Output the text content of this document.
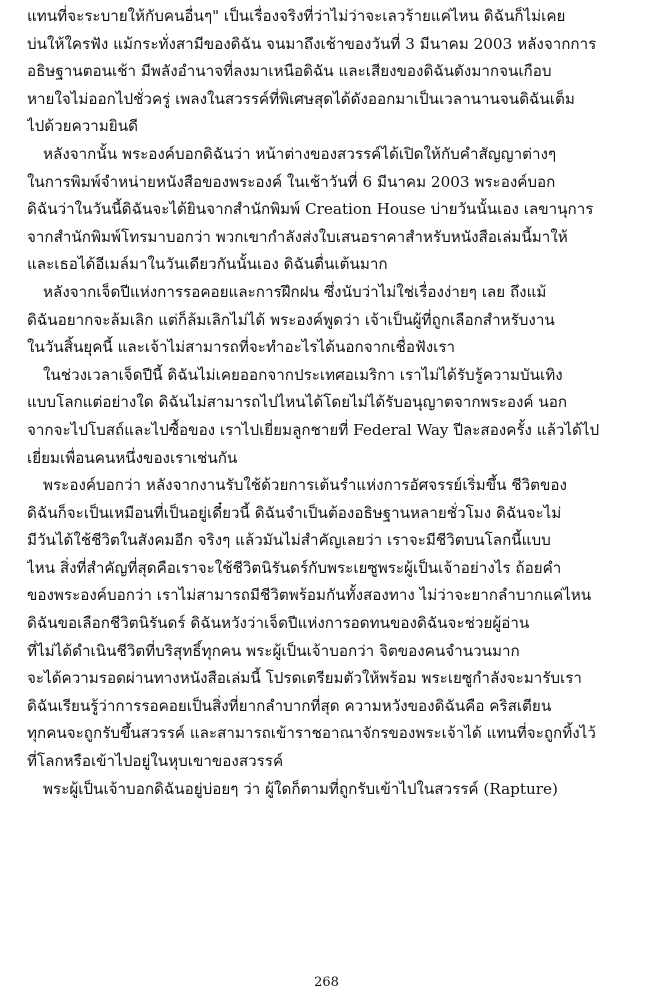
แทนที่จะระบายให้กับคนอื่นๆ" เป็นเรื่องจริงที่ว่าไม่ว่าจะเลวร้ายแค่ไหน ดิฉันก็ไม่เคย
บ่นให้ใครฟัง แม้กระทั่งสามีของดิฉัน จนมาถึงเช้าของวันที่ 3 มีนาคม 2003 หลังจากการ
อธิษฐานตอนเช้า มีพลังอำนาจที่ลงมาเหนือดิฉัน และเสียงของดิฉันดังมากจนเกือบ
หายใจไม่ออกไปชั่วครู่ เพลงในสวรรค์ที่พิเศษสุดได้ดังออกมาเป็นเวลานานจนดิฉันเต็ม
ไปด้วยความยินดี
หลังจากนั้น พระองค์บอกดิฉันว่า หน้าต่างของสวรรค์ได้เปิดให้กับคำสัญญาต่างๆ
ในการพิมพ์จำหน่ายหนังสือของพระองค์ ในเช้าวันที่ 6 มีนาคม 2003 พระองค์บอก
ดิฉันว่าในวันนี้ดิฉันจะได้ยินจากสำนักพิมพ์ Creation House บ่ายวันนั้นเอง เลขานุการ
จากสำนักพิมพ์โทรมาบอกว่า พวกเขากำลังส่งใบเสนอราคาสำหรับหนังสือเล่มนี้มาให้
และเธอได้อีเมล์มาในวันเดียวกันนั้นเอง ดิฉันตื่นเต้นมาก
หลังจากเจ็ดปีแห่งการรอคอยและการฝึกฝน ซึ่งนับว่าไม่ใช่เรื่องง่ายๆ เลย ถึงแม้
ดิฉันอยากจะล้มเลิก แต่ก็ล้มเลิกไม่ได้ พระองค์พูดว่า เจ้าเป็นผู้ที่ถูกเลือกสำหรับงาน
ในวันสิ้นยุคนี้ และเจ้าไม่สามารถที่จะทำอะไรได้นอกจากเชื่อฟังเรา
ในช่วงเวลาเจ็ดปีนี้ ดิฉันไม่เคยออกจากประเทศอเมริกา เราไม่ได้รับรู้ความบันเทิง
แบบโลกแต่อย่างใด ดิฉันไม่สามารถไปไหนได้โดยไม่ได้รับอนุญาตจากพระองค์ นอก
จากจะไปโบสถ์และไปซื้อของ เราไปเยี่ยมลูกชายที่ Federal Way ปีละสองครั้ง แล้วได้ไป
เยี่ยมเพื่อนคนหนึ่งของเราเช่นกัน
พระองค์บอกว่า หลังจากงานรับใช้ด้วยการเต้นรำแห่งการอัศจรรย์เริ่มขึ้น ชีวิตของ
ดิฉันก็จะเป็นเหมือนที่เป็นอยู่เดี๋ยวนี้ ดิฉันจำเป็นต้องอธิษฐานหลายชั่วโมง ดิฉันจะไม่
มีวันได้ใช้ชีวิตในสังคมอีก จริงๆ แล้วมันไม่สำคัญเลยว่า เราจะมีชีวิตบนโลกนี้แบบ
ไหน สิ่งที่สำคัญที่สุดคือเราจะใช้ชีวิตนิรันดร์กับพระเยซูพระผู้เป็นเจ้าอย่างไร ถ้อยคำ
ของพระองค์บอกว่า เราไม่สามารถมีชีวิตพร้อมกันทั้งสองทาง ไม่ว่าจะยากลำบากแค่ไหน
ดิฉันขอเลือกชีวิตนิรันดร์ ดิฉันหวังว่าเจ็ดปีแห่งการอดทนของดิฉันจะช่วยผู้อ่าน
ที่ไม่ได้ดำเนินชีวิตที่บริสุทธิ์ทุกคน พระผู้เป็นเจ้าบอกว่า จิตของคนจำนวนมาก
จะได้ความรอดผ่านทางหนังสือเล่มนี้ โปรดเตรียมตัวให้พร้อม พระเยซูกำลังจะมารับเรา
ดิฉันเรียนรู้ว่าการรอคอยเป็นสิ่งที่ยากลำบากที่สุด ความหวังของดิฉันคือ คริสเตียน
ทุกคนจะถูกรับขึ้นสวรรค์ และสามารถเข้าราชอาณาจักรของพระเจ้าได้ แทนที่จะถูกทิ้งไว้
ที่โลกหรือเข้าไปอยู่ในหุบเขาของสวรรค์
พระผู้เป็นเจ้าบอกดิฉันอยู่บ่อยๆ ว่า ผู้ใดก็ตามที่ถูกรับเข้าไปในสวรรค์ (Rapture)
268
